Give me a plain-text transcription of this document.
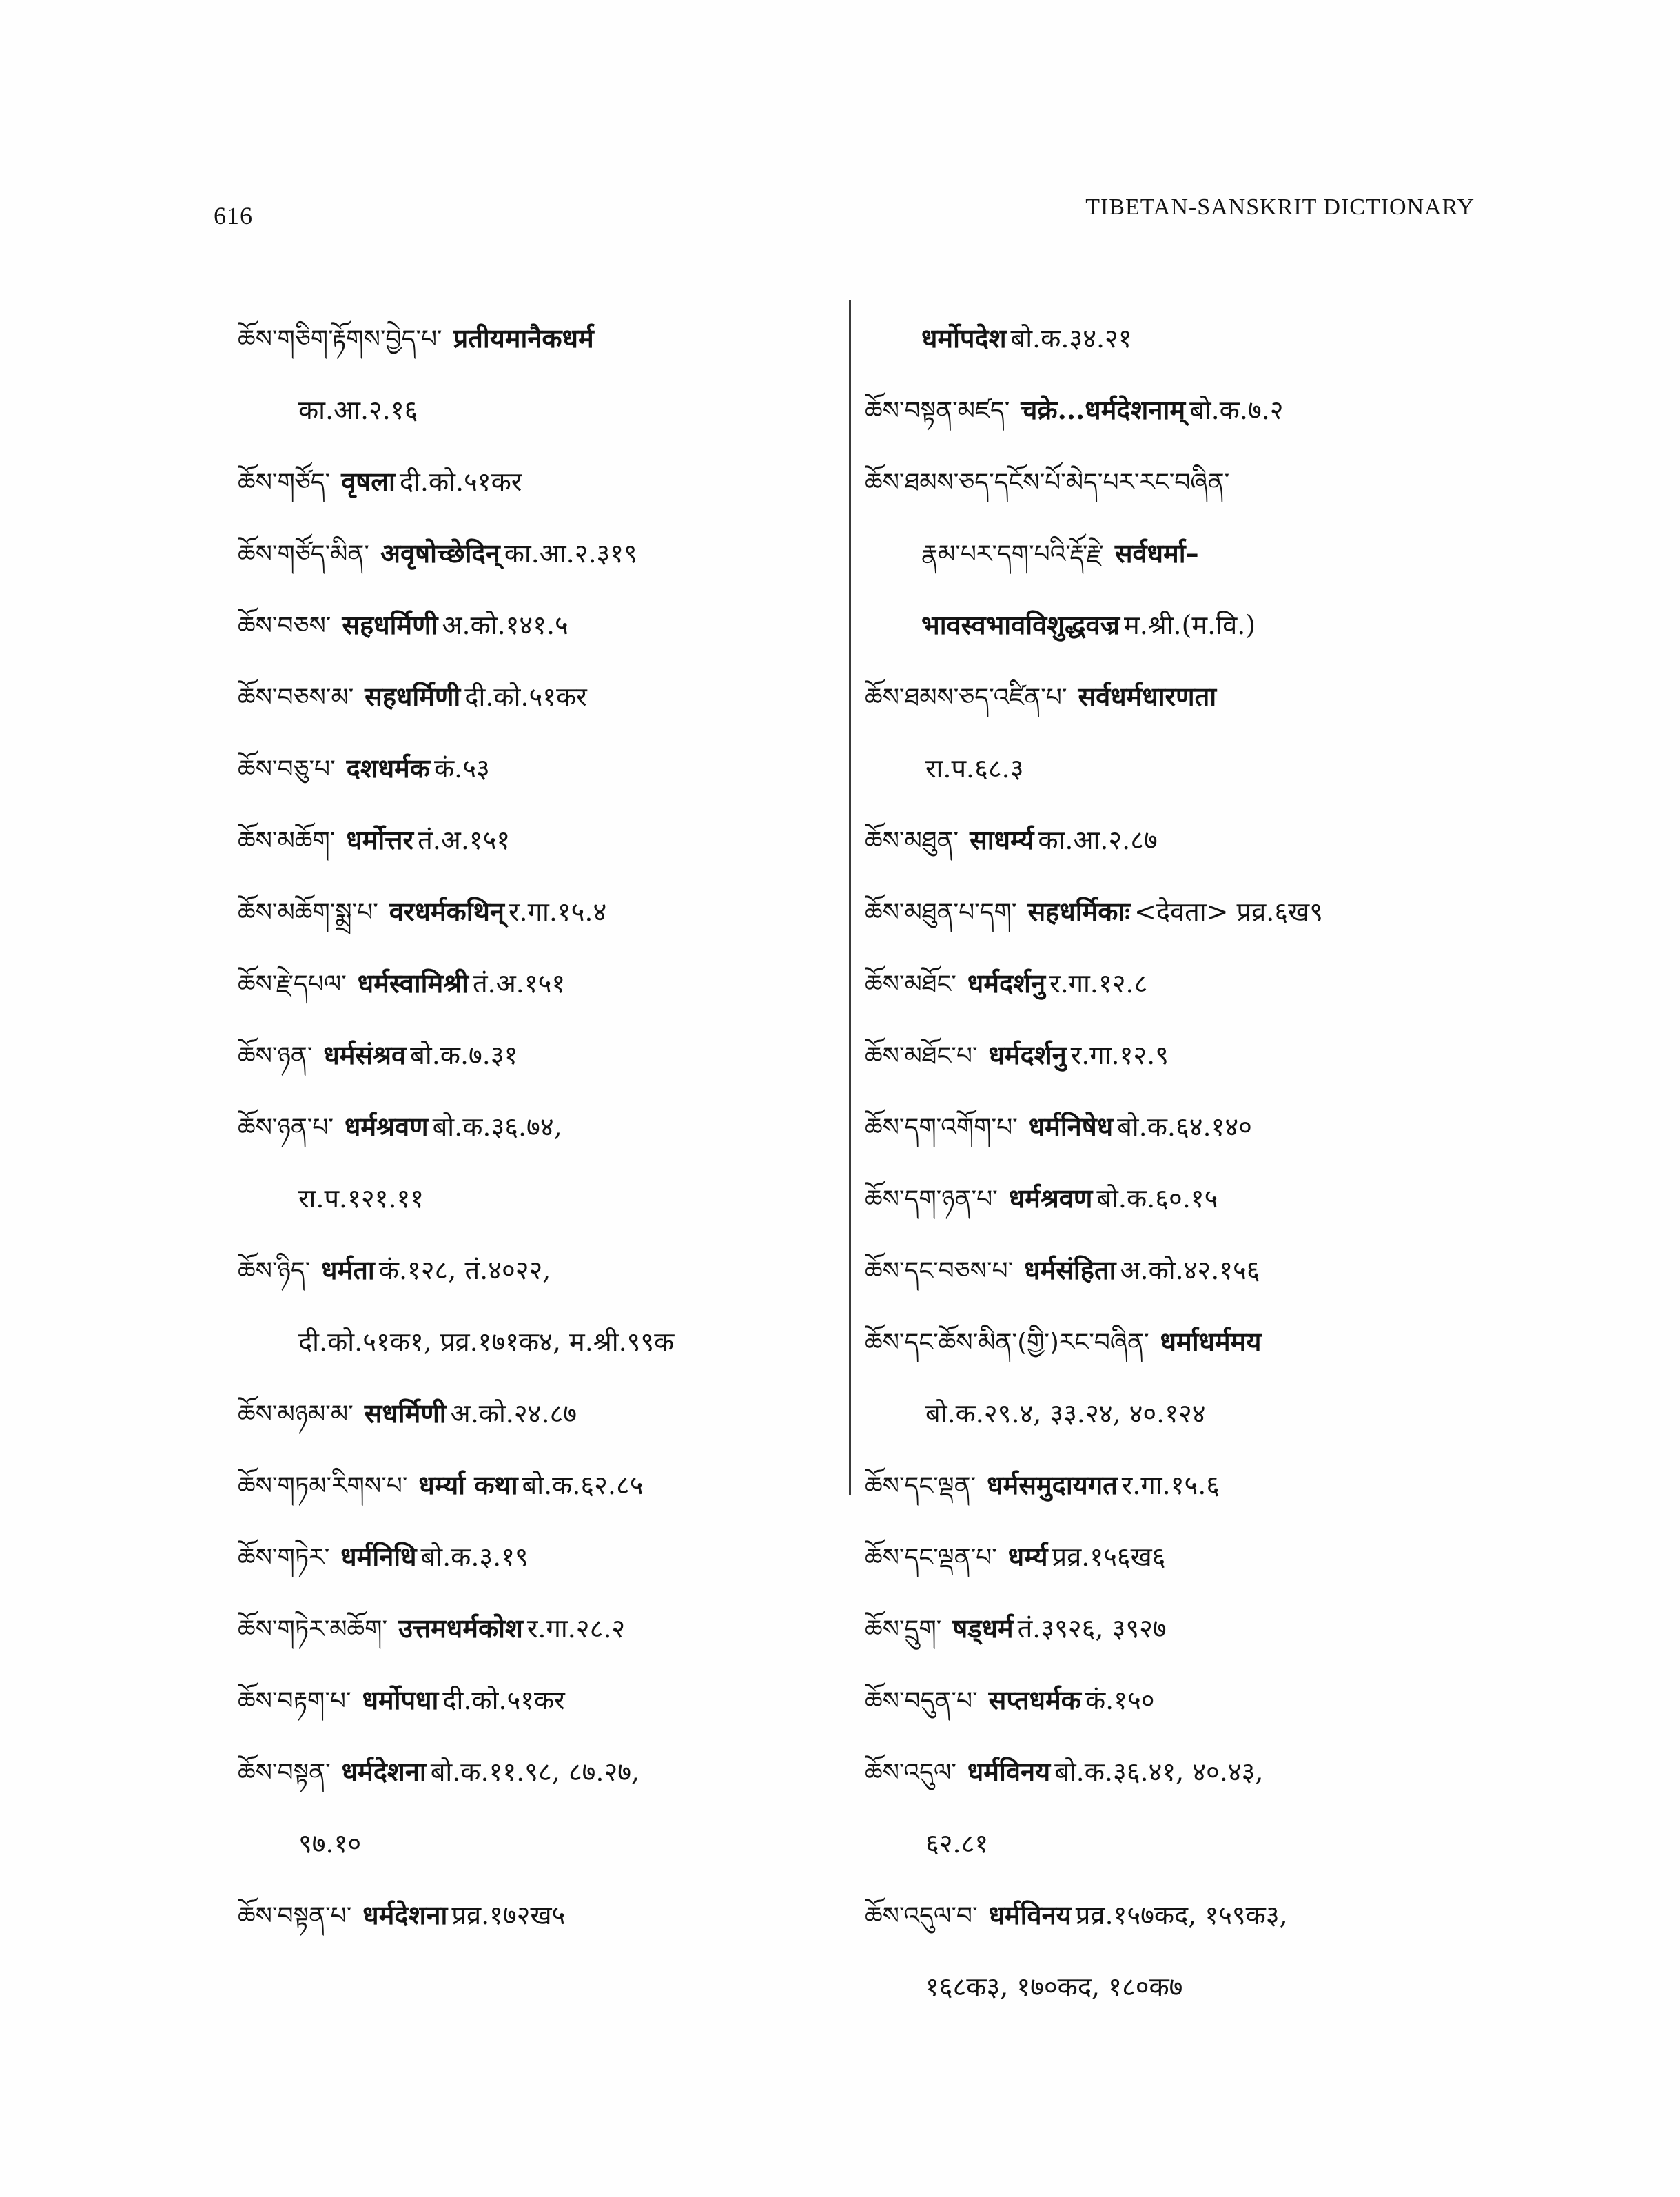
616	TIBETAN-SANSKRIT DICTIONARY
ཆོས་གཅིག་རྟོགས་བྱེད་པ་ प्रतीयमानैकधर्म
का.आ.२.१६
ཆོས་གཙོད་ वृषला दी.को.५१कर
ཆོས་གཙོད་མིན་ अवृषोच्छेदिन् का.आ.२.३१९
ཆོས་བཅས་ सहधर्मिणी अ.को.१४१.५
ཆོས་བཅས་མ་ सहधर्मिणी दी.को.५१कर
ཆོས་བཅུ་པ་ दशधर्मक कं.५३
ཆོས་མཆོག་ धर्मोत्तर तं.अ.१५१
ཆོས་མཆོག་སྨྲ་པ་ वरधर्मकथिन् र.गा.१५.४
ཆོས་རྗེ་དཔལ་ धर्मस्वामिश्री तं.अ.१५१
ཆོས་ཉན་ धर्मसंश्रव बो.क.७.३१
ཆོས་ཉན་པ་ धर्मश्रवण बो.क.३६.७४,
रा.प.१२१.११
ཆོས་ཉིད་ धर्मता कं.१२८, तं.४०२२,
दी.को.५१क१, प्रव्र.१७१क४, म.श्री.९९क
ཆོས་མཉམ་མ་ सधर्मिणी अ.को.२४.८७
ཆོས་གཏམ་རིགས་པ་ धर्म्या कथा बो.क.६२.८५
ཆོས་གཏེར་ धर्मनिधि बो.क.३.१९
ཆོས་གཏེར་མཆོག་ उत्तमधर्मकोश र.गा.२८.२
ཆོས་བརྟག་པ་ धर्मोपधा दी.को.५१कर
ཆོས་བསྟན་ धर्मदेशना बो.क.११.९८, ८७.२७,
९७.१०
ཆོས་བསྟན་པ་ धर्मदेशना प्रव्र.१७२ख५
धर्मोपदेश बो.क.३४.२१
ཆོས་བསྟན་མཛད་ चक्रे...धर्मदेशनाम् बो.क.७.२
ཆོས་ཐམས་ཅད་དངོས་པོ་མེད་པར་རང་བཞིན་
རྣམ་པར་དག་པའི་རྡོ་རྗེ་ सर्वधर्मा–
भावस्वभावविशुद्धवज्र म.श्री.(म.वि.)
ཆོས་ཐམས་ཅད་འཛིན་པ་ सर्वधर्मधारणता
रा.प.६८.३
ཆོས་མཐུན་ साधर्म्य का.आ.२.८७
ཆོས་མཐུན་པ་དག་ सहधर्मिकाः <देवता> प्रव्र.६ख९
ཆོས་མཐོང་ धर्मदर्शनु र.गा.१२.८
ཆོས་མཐོང་པ་ धर्मदर्शनु र.गा.१२.९
ཆོས་དག་འགོག་པ་ धर्मनिषेध बो.क.६४.१४०
ཆོས་དག་ཉན་པ་ धर्मश्रवण बो.क.६०.१५
ཆོས་དང་བཅས་པ་ धर्मसंहिता अ.को.४२.१५६
ཆོས་དང་ཆོས་མིན་(གྱི་)རང་བཞིན་ धर्माधर्ममय
बो.क.२९.४, ३३.२४, ४०.१२४
ཆོས་དང་ལྡན་ धर्मसमुदायगत र.गा.१५.६
ཆོས་དང་ལྡན་པ་ धर्म्य प्रव्र.१५६ख६
ཆོས་དྲུག་ षड्धर्म तं.३९२६, ३९२७
ཆོས་བདུན་པ་ सप्तधर्मक कं.१५०
ཆོས་འདུལ་ धर्मविनय बो.क.३६.४१, ४०.४३,
६२.८१
ཆོས་འདུལ་བ་ धर्मविनय प्रव्र.१५७कद, १५९क३,
१६८क३, १७०कद, १८०क७
